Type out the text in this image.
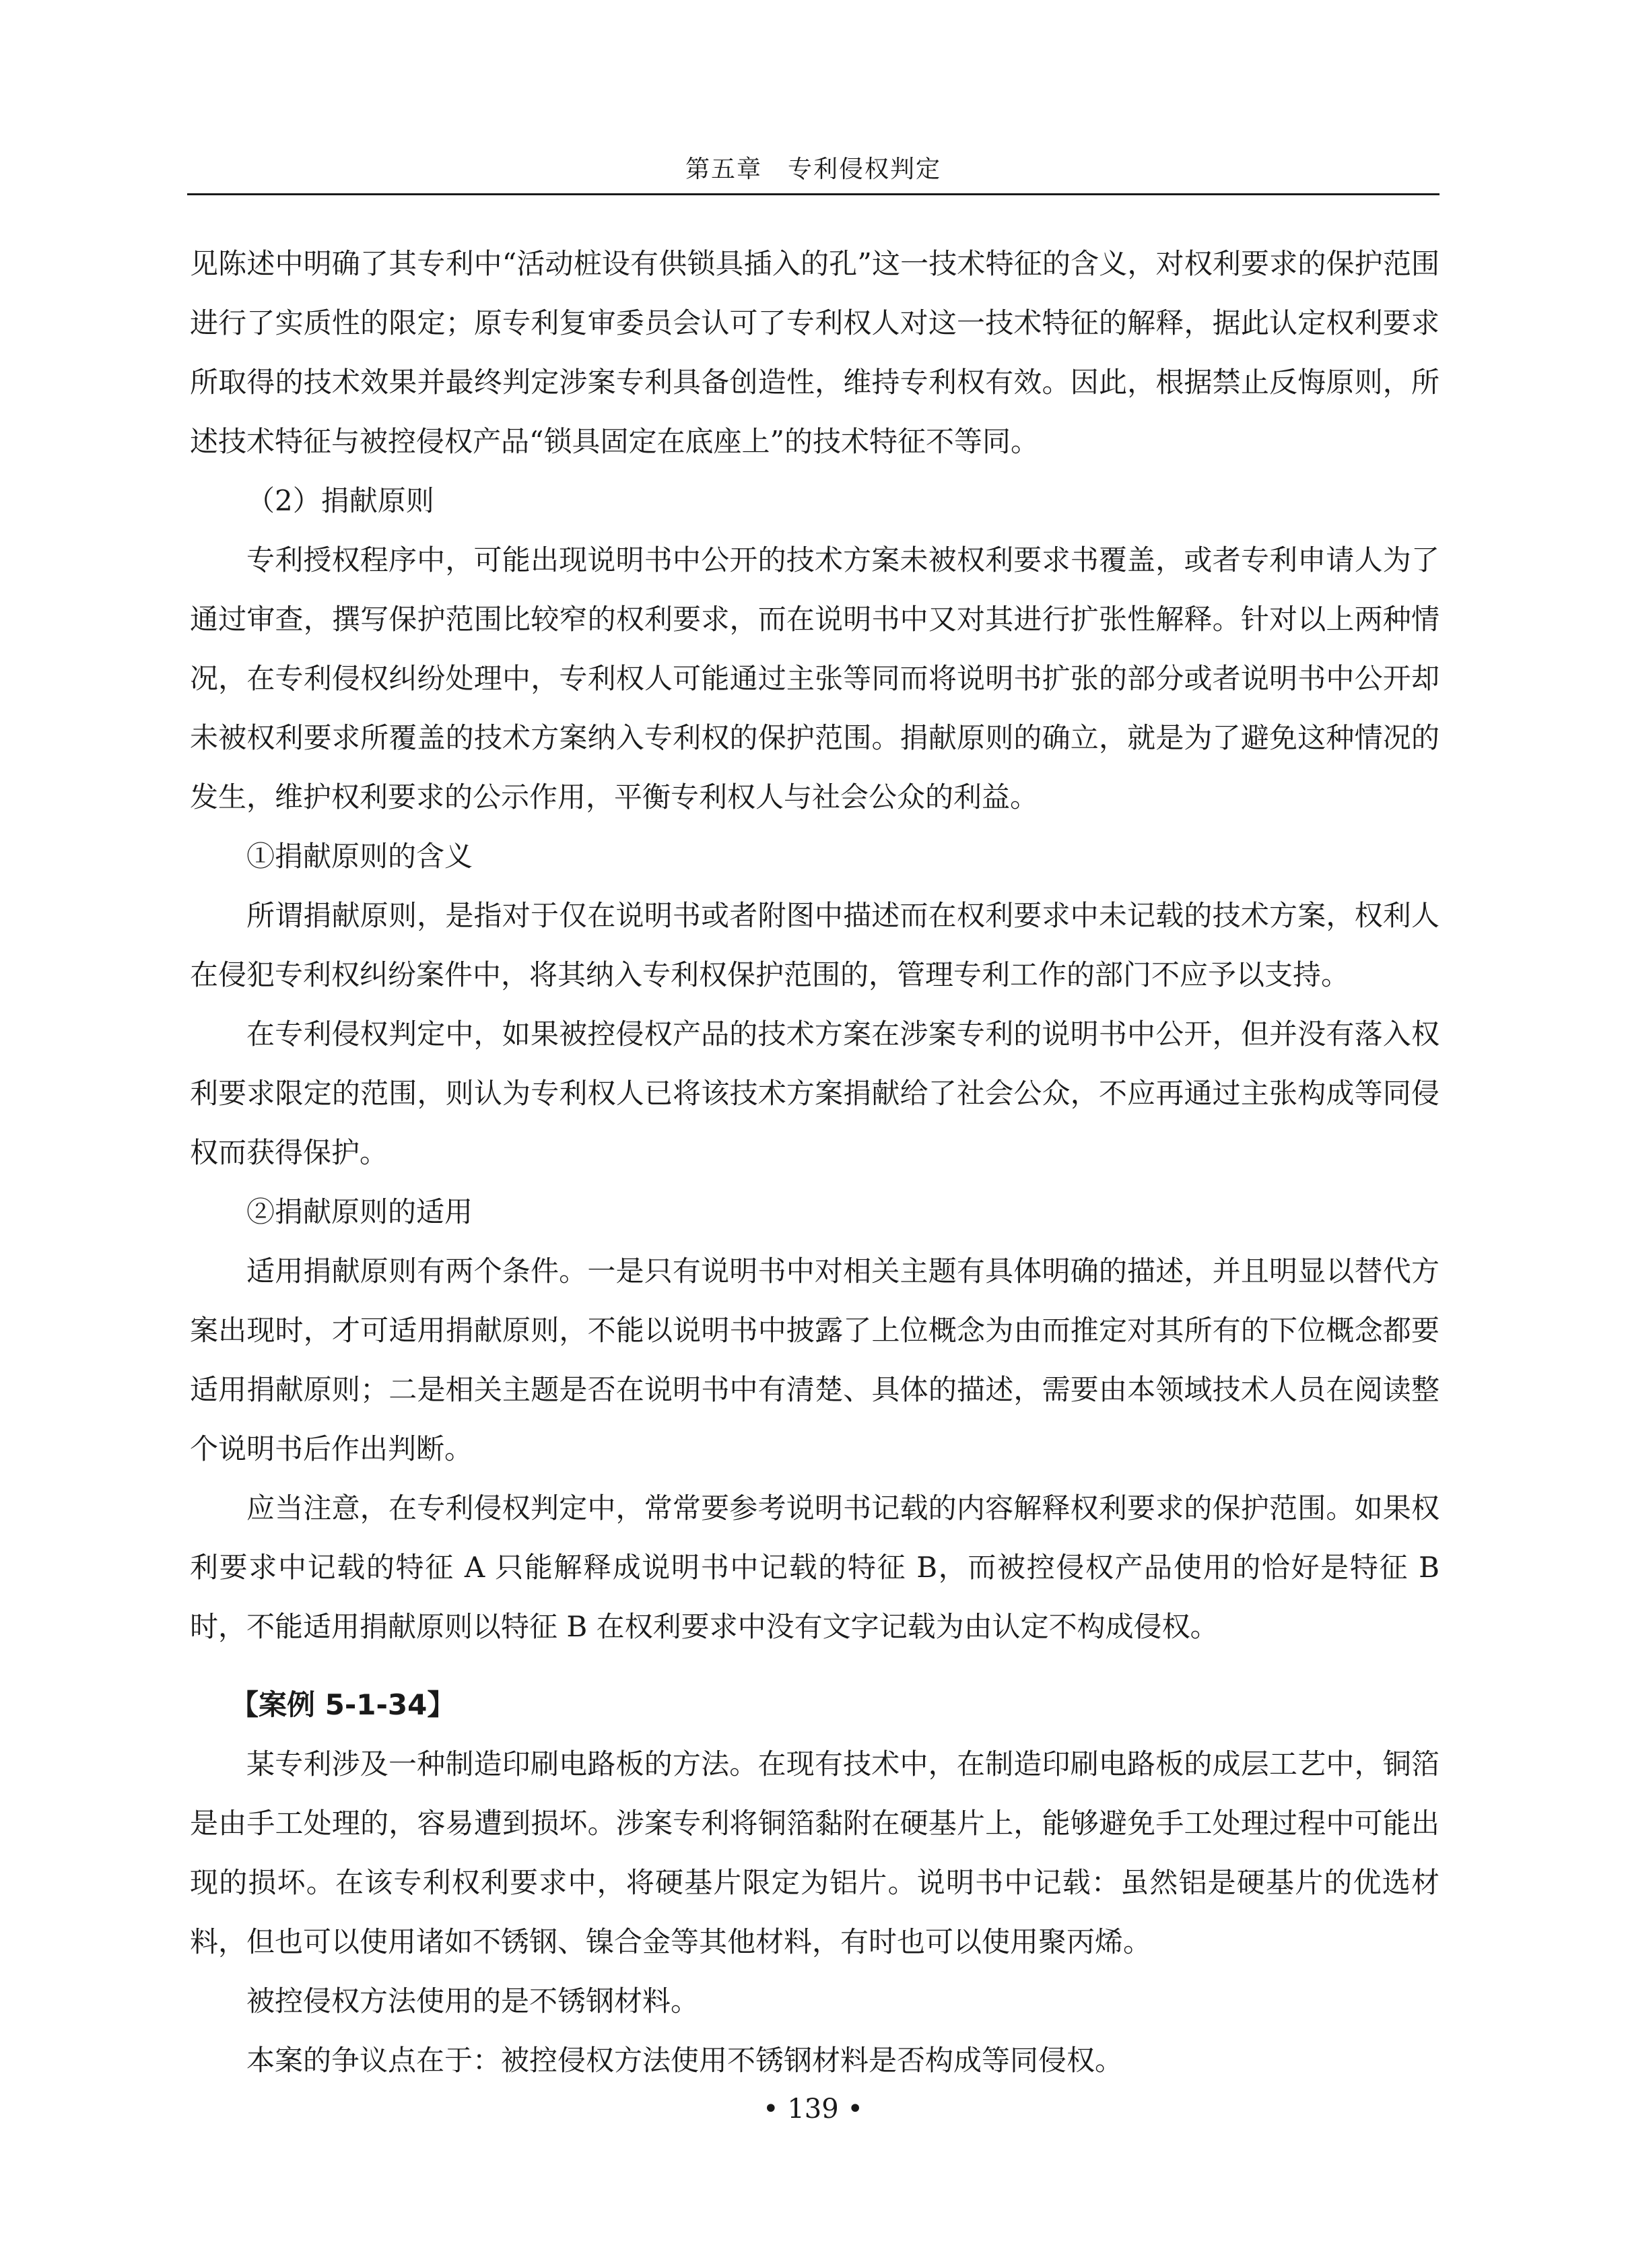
第五章　专利侵权判定

见陈述中明确了其专利中“活动桩设有供锁具插入的孔”这一技术特征的含义，对权利要求的保护范围进行了实质性的限定；原专利复审委员会认可了专利权人对这一技术特征的解释，据此认定权利要求所取得的技术效果并最终判定涉案专利具备创造性，维持专利权有效。因此，根据禁止反悔原则，所述技术特征与被控侵权产品“锁具固定在底座上”的技术特征不等同。

（2）捐献原则

专利授权程序中，可能出现说明书中公开的技术方案未被权利要求书覆盖，或者专利申请人为了通过审查，撰写保护范围比较窄的权利要求，而在说明书中又对其进行扩张性解释。针对以上两种情况，在专利侵权纠纷处理中，专利权人可能通过主张等同而将说明书扩张的部分或者说明书中公开却未被权利要求所覆盖的技术方案纳入专利权的保护范围。捐献原则的确立，就是为了避免这种情况的发生，维护权利要求的公示作用，平衡专利权人与社会公众的利益。

①捐献原则的含义

所谓捐献原则，是指对于仅在说明书或者附图中描述而在权利要求中未记载的技术方案，权利人在侵犯专利权纠纷案件中，将其纳入专利权保护范围的，管理专利工作的部门不应予以支持。

在专利侵权判定中，如果被控侵权产品的技术方案在涉案专利的说明书中公开，但并没有落入权利要求限定的范围，则认为专利权人已将该技术方案捐献给了社会公众，不应再通过主张构成等同侵权而获得保护。

②捐献原则的适用

适用捐献原则有两个条件。一是只有说明书中对相关主题有具体明确的描述，并且明显以替代方案出现时，才可适用捐献原则，不能以说明书中披露了上位概念为由而推定对其所有的下位概念都要适用捐献原则；二是相关主题是否在说明书中有清楚、具体的描述，需要由本领域技术人员在阅读整个说明书后作出判断。

应当注意，在专利侵权判定中，常常要参考说明书记载的内容解释权利要求的保护范围。如果权利要求中记载的特征 A 只能解释成说明书中记载的特征 B，而被控侵权产品使用的恰好是特征 B 时，不能适用捐献原则以特征 B 在权利要求中没有文字记载为由认定不构成侵权。

【案例 5-1-34】

某专利涉及一种制造印刷电路板的方法。在现有技术中，在制造印刷电路板的成层工艺中，铜箔是由手工处理的，容易遭到损坏。涉案专利将铜箔黏附在硬基片上，能够避免手工处理过程中可能出现的损坏。在该专利权利要求中，将硬基片限定为铝片。说明书中记载：虽然铝是硬基片的优选材料，但也可以使用诸如不锈钢、镍合金等其他材料，有时也可以使用聚丙烯。

被控侵权方法使用的是不锈钢材料。

本案的争议点在于：被控侵权方法使用不锈钢材料是否构成等同侵权。

• 139 •
